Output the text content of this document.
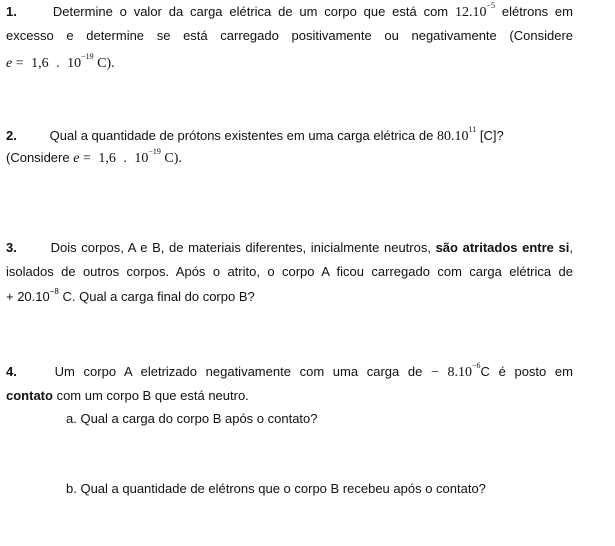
1.	Determine o valor da carga elétrica de um corpo que está com $12.10^{-5}$ elétrons em
excesso e determine se está carregado positivamente ou negativamente (Considere
e = 1,6 . $10^{-19}$ C).
2.	Qual a quantidade de prótons existentes em uma carga elétrica de 80.10$^{11}$ [C]?
(Considere e = 1,6 . $10^{-19}$ C).
3.	Dois corpos, A e B, de materiais diferentes, inicialmente neutros, são atritados entre si,
isolados de outros corpos. Após o atrito, o corpo A ficou carregado com carga elétrica de
+ $20.10^{-8}$ C. Qual a carga final do corpo B?
4.	Um corpo A eletrizado negativamente com uma carga de − $8.10^{-6}C$ é posto em
contato com um corpo B que está neutro.
a. Qual a carga do corpo B após o contato?
b. Qual a quantidade de elétrons que o corpo B recebeu após o contato?
